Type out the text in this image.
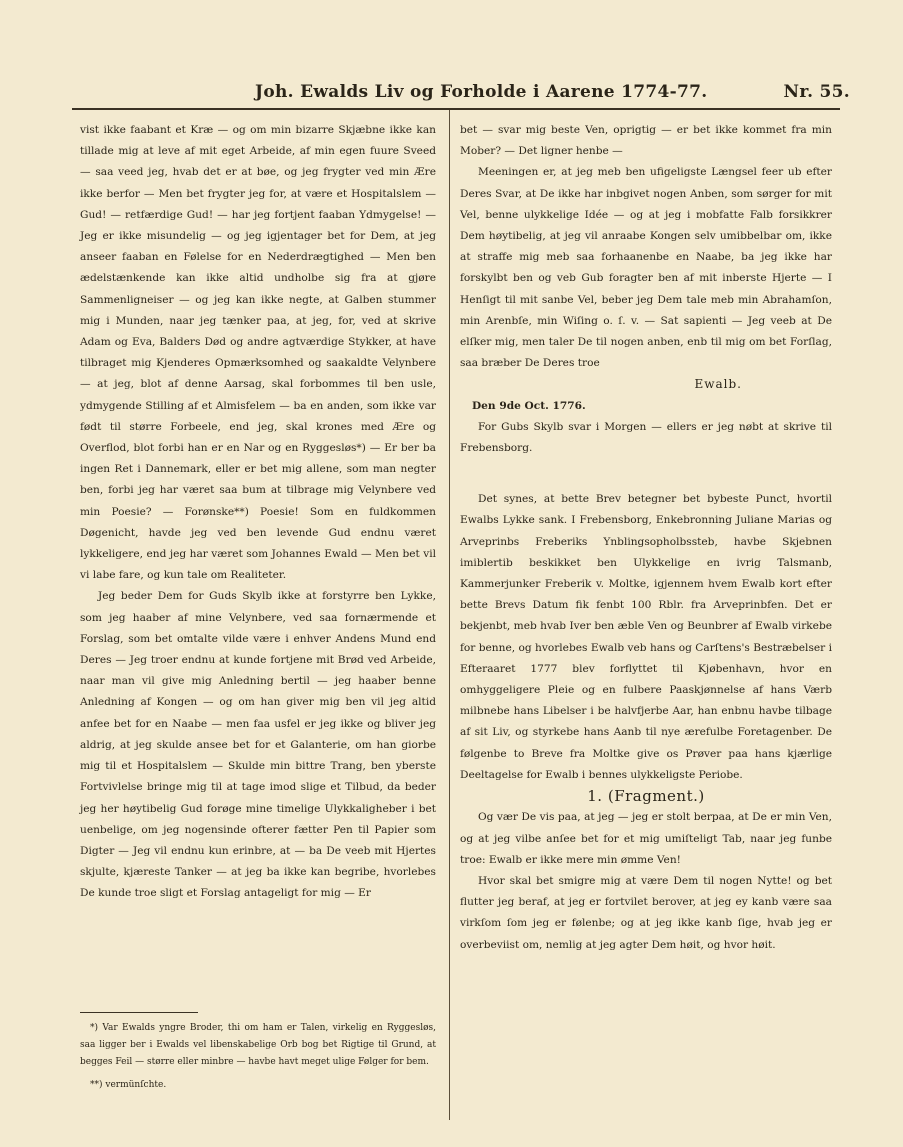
Joh. Ewalds Liv og Forholde i Aarene 1774-77.	Nr. 55.

vist ikke faabant et Kræ — og om min bizarre Skjæbne ikke kan tillade mig at leve af mit eget Arbeide, af min egen fuure Sveed — saa veed jeg, hvab det er at bøe, og jeg frygter ved min Ære ikke berfor — Men bet frygter jeg for, at være et Hospitalslem — Gud! — retfærdige Gud! — har jeg fortjent faaban Ydmygelse! — Jeg er ikke misundelig — og jeg igjentager bet for Dem, at jeg anseer faaban en Følelse for en Nederdrægtighed — Men ben ædelstænkende kan ikke altid undholbe sig fra at gjøre Sammenligneiser — og jeg kan ikke negte, at Galben stummer mig i Munden, naar jeg tænker paa, at jeg, for, ved at skrive Adam og Eva, Balders Død og andre agtværdige Stykker, at have tilbraget mig Kjenderes Opmærksomhed og saakaldte Velynbere — at jeg, blot af denne Aarsag, skal forbommes til ben usle, ydmygende Stilling af et Almisfelem — ba en anden, som ikke var født til større Forbeele, end jeg, skal krones med Ære og Overflod, blot forbi han er en Nar og en Ryggesløs*) — Er ber ba ingen Ret i Dannemark, eller er bet mig allene, som man negter ben, forbi jeg har været saa bum at tilbrage mig Velynbere ved min Poesie? — Forønske**) Poesie! Som en fuldkommen Døgenicht, havde jeg ved ben levende Gud endnu været lykkeligere, end jeg har været som Johannes Ewald — Men bet vil vi labe fare, og kun tale om Realiteter.

Jeg beder Dem for Guds Skylb ikke at forstyrre ben Lykke, som jeg haaber af mine Velynbere, ved saa fornærmende et Forslag, som bet omtalte vilde være i enhver Andens Mund end Deres — Jeg troer endnu at kunde fortjene mit Brød ved Arbeide, naar man vil give mig Anledning bertil — jeg haaber benne Anledning af Kongen — og om han giver mig ben vil jeg altid anfee bet for en Naabe — men faa usfel er jeg ikke og bliver jeg aldrig, at jeg skulde ansee bet for et Galanterie, om han giorbe mig til et Hospitalslem — Skulde min bittre Trang, ben yberste Fortvivlelse bringe mig til at tage imod slige et Tilbud, da beder jeg her høytibelig Gud forøge mine timelige Ulykkaligheber i bet uenbelige, om jeg nogensinde ofterer fætter Pen til Papier som Digter — Jeg vil endnu kun erinbre, at — ba De veeb mit Hjertes skjulte, kjæreste Tanker — at jeg ba ikke kan begribe, hvorlebes De kunde troe sligt et Forslag antageligt for mig — Er

*) Var Ewalds yngre Broder, thi om ham er Talen, virkelig en Ryggesløs, saa ligger ber i Ewalds vel libenskabelige Orb bog bet Rigtige til Grund, at begges Feil — større eller minbre — havbe havt meget ulige Følger for bem.

**) vermünſchte.

bet — svar mig beste Ven, oprigtig — er bet ikke kommet fra min Mober? — Det ligner henbe —

Meeningen er, at jeg meb ben ufigeligste Længsel feer ub efter Deres Svar, at De ikke har inbgivet nogen Anben, som sørger for mit Vel, benne ulykkelige Idée — og at jeg i mobfatte Falb forsikkrer Dem høytibelig, at jeg vil anraabe Kongen selv umibbelbar om, ikke at straffe mig meb saa forhaanenbe en Naabe, ba jeg ikke har forskylbt ben og veb Gub foragter ben af mit inberste Hjerte — I Henſigt til mit sanbe Vel, beber jeg Dem tale meb min Abrahamſon, min Arenbſe, min Wiſing o. ſ. v. — Sat sapienti — Jeg veeb at De elſker mig, men taler De til nogen anben, enb til mig om bet Forſlag, saa bræber De Deres troe

Ewalb.

Den 9de Oct. 1776.

For Gubs Skylb svar i Morgen — ellers er jeg nøbt at skrive til Frebensborg.

Det synes, at bette Brev betegner bet bybeste Punct, hvortil Ewalbs Lykke sank. I Frebensborg, Enkebronning Juliane Marias og Arveprinbs Freberiks Ynblingsopholbssteb, havbe Skjebnen imiblertib beskikket ben Ulykkelige en ivrig Talsmanb, Kammerjunker Freberik v. Moltke, igjennem hvem Ewalb kort efter bette Brevs Datum fik fenbt 100 Rblr. fra Arveprinbfen. Det er bekjenbt, meb hvab Iver ben æble Ven og Beunbrer af Ewalb virkebe for benne, og hvorlebes Ewalb veb hans og Carſtens's Bestræbelser i Efteraaret 1777 blev forflyttet til Kjøbenhavn, hvor en omhyggeligere Pleie og en fulbere Paaskjønnelse af hans Værb milbnebe hans Libelser i be halvfjerbe Aar, han enbnu havbe tilbage af sit Liv, og styrkebe hans Aanb til nye ærefulbe Foretagenber. De følgenbe to Breve fra Moltke give os Prøver paa hans kjærlige Deeltagelse for Ewalb i bennes ulykkeligste Periobe.

1. (Fragment.)

Og vær De vis paa, at jeg — jeg er stolt berpaa, at De er min Ven, og at jeg vilbe anſee bet for et mig umiſteligt Tab, naar jeg funbe troe: Ewalb er ikke mere min ømme Ven!

Hvor skal bet smigre mig at være Dem til nogen Nytte! og bet flutter jeg beraf, at jeg er fortvilet berover, at jeg ey kanb være saa virkſom ſom jeg er følenbe; og at jeg ikke kanb ſige, hvab jeg er overbeviist om, nemlig at jeg agter Dem høit, og hvor høit.
